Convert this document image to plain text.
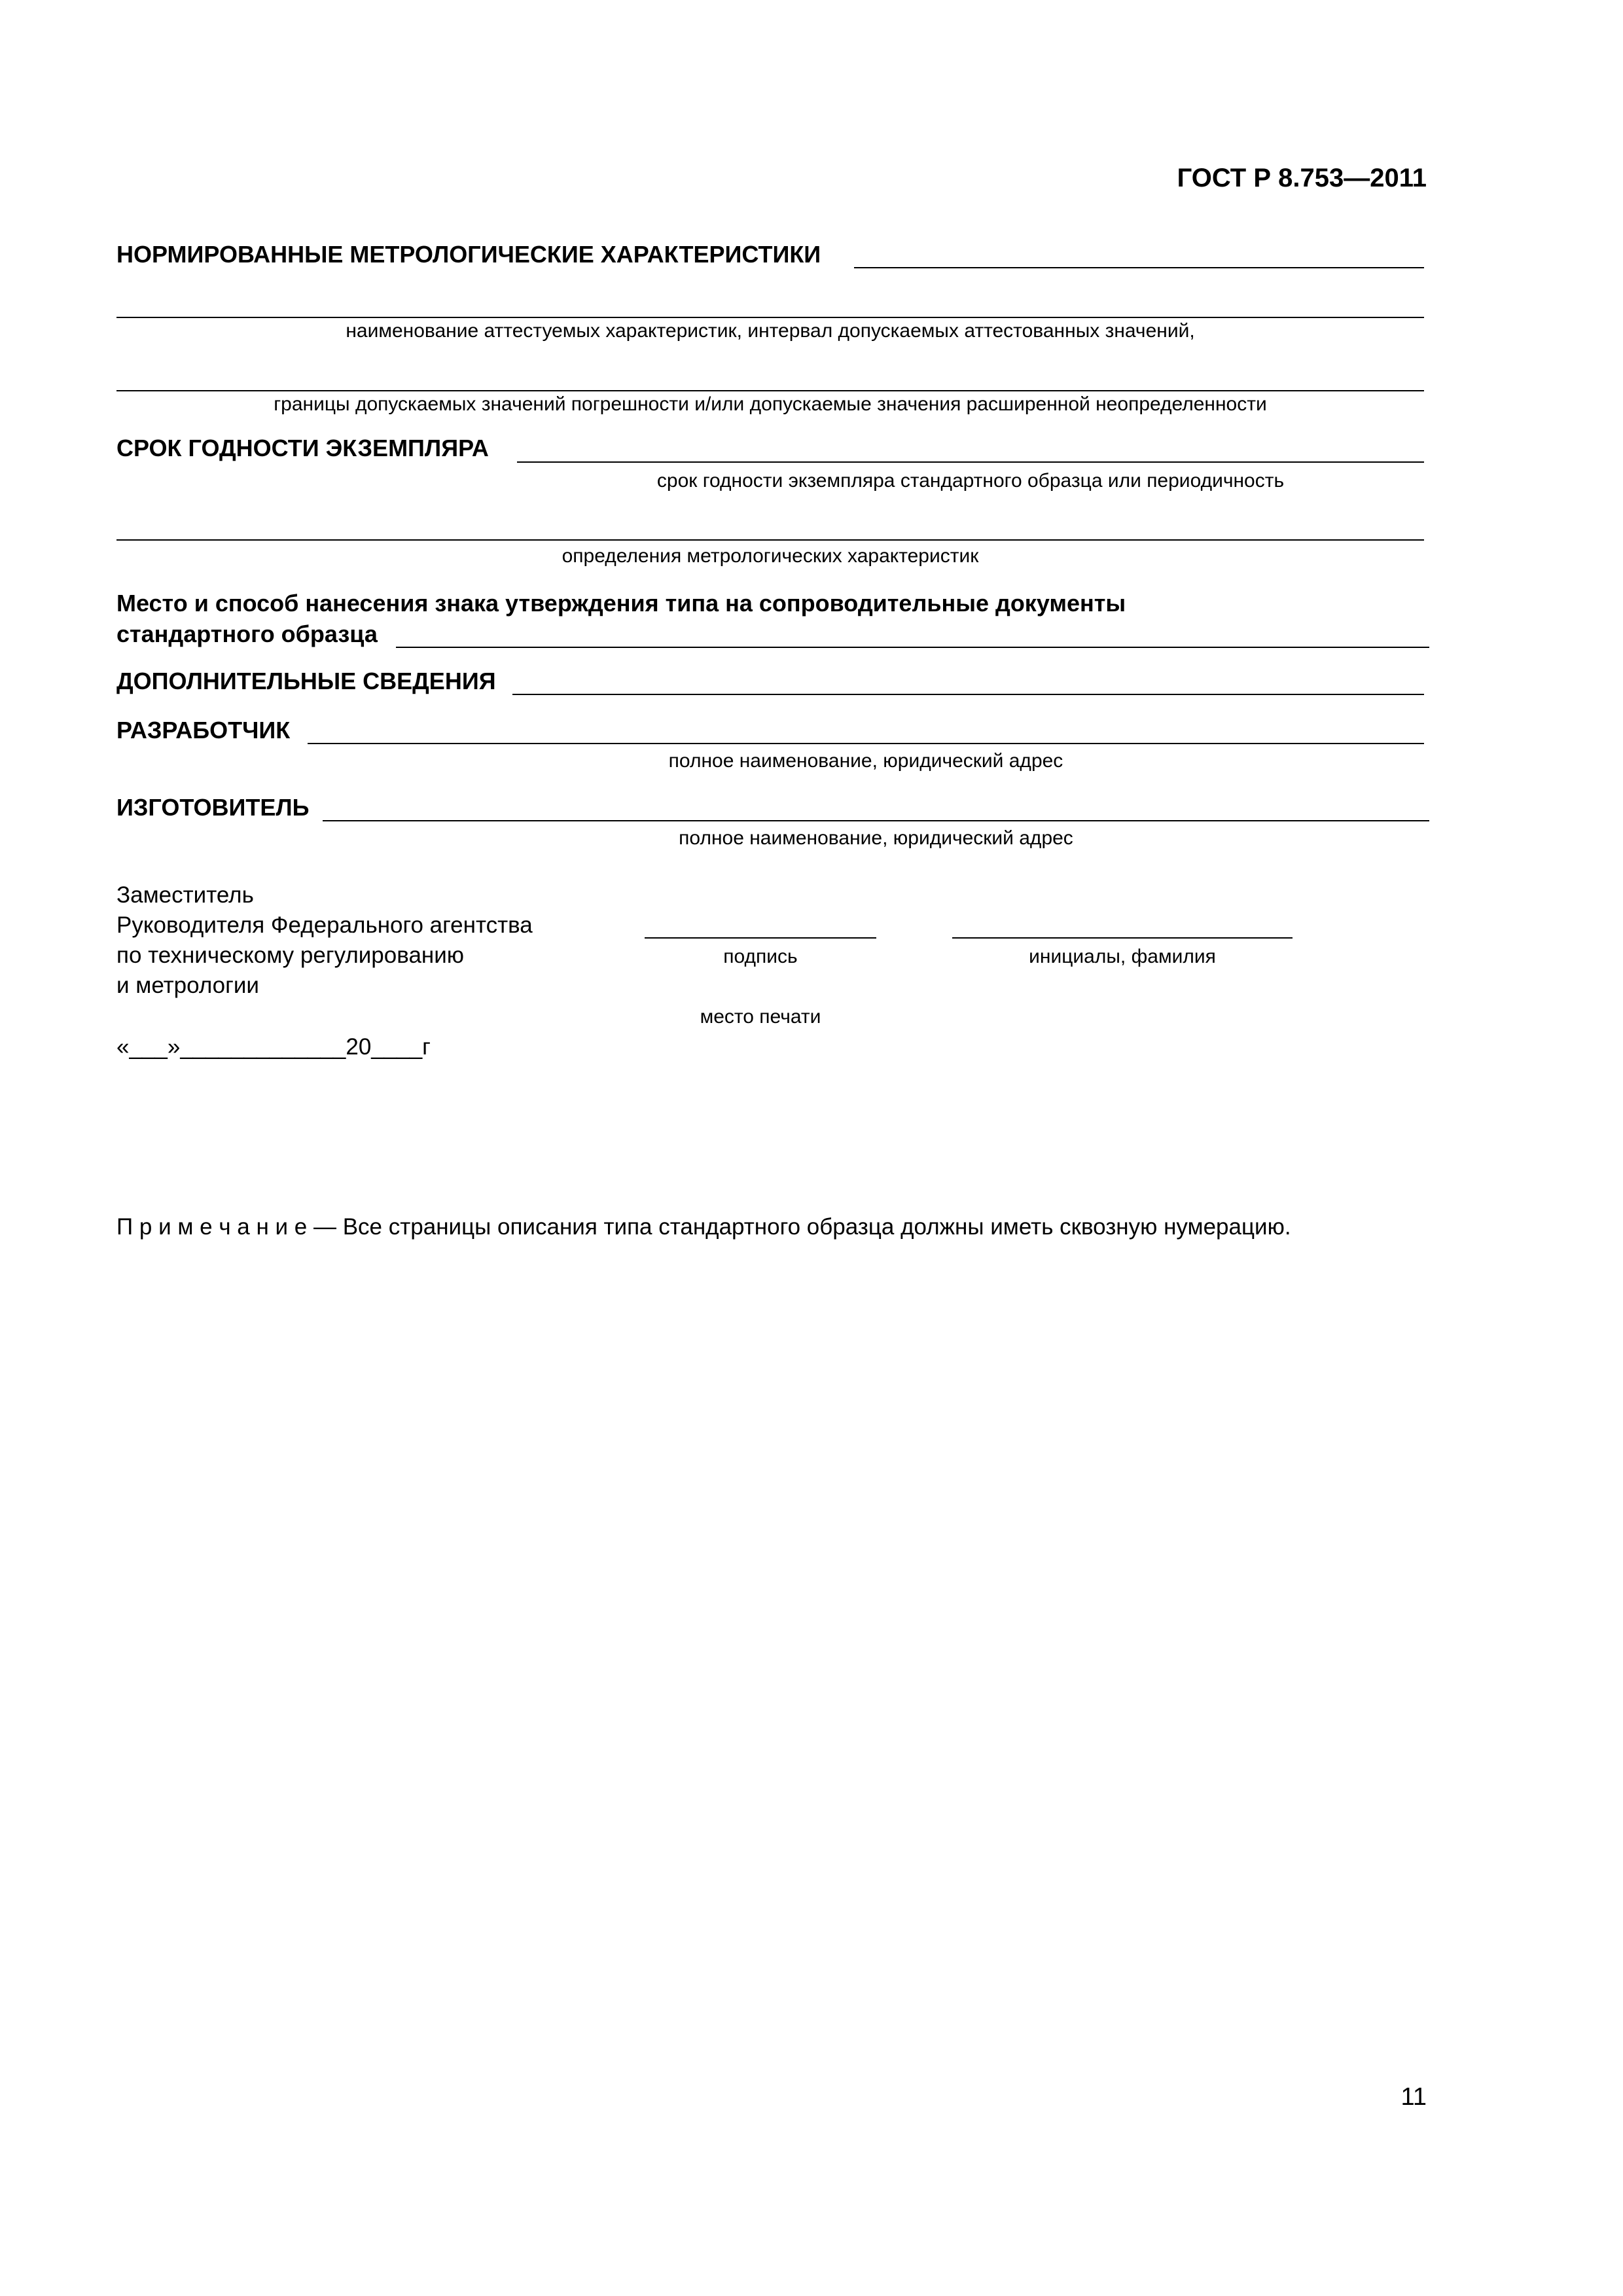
ГОСТ Р 8.753—2011
НОРМИРОВАННЫЕ МЕТРОЛОГИЧЕСКИЕ ХАРАКТЕРИСТИКИ
наименование аттестуемых характеристик, интервал допускаемых аттестованных значений,
границы допускаемых значений погрешности и/или допускаемые значения расширенной неопределенности
СРОК ГОДНОСТИ ЭКЗЕМПЛЯРА
срок годности экземпляра стандартного образца или периодичность
определения метрологических характеристик
Место и способ нанесения знака утверждения типа на сопроводительные документы
стандартного образца
ДОПОЛНИТЕЛЬНЫЕ СВЕДЕНИЯ
РАЗРАБОТЧИК
полное наименование, юридический адрес
ИЗГОТОВИТЕЛЬ
полное наименование, юридический адрес
Заместитель
Руководителя Федерального агентства
по техническому регулированию
и метрологии
подпись	инициалы, фамилия
место печати
«___»_____________20____г
П р и м е ч а н и е — Все страницы описания типа стандартного образца должны иметь сквозную нумерацию.
11
